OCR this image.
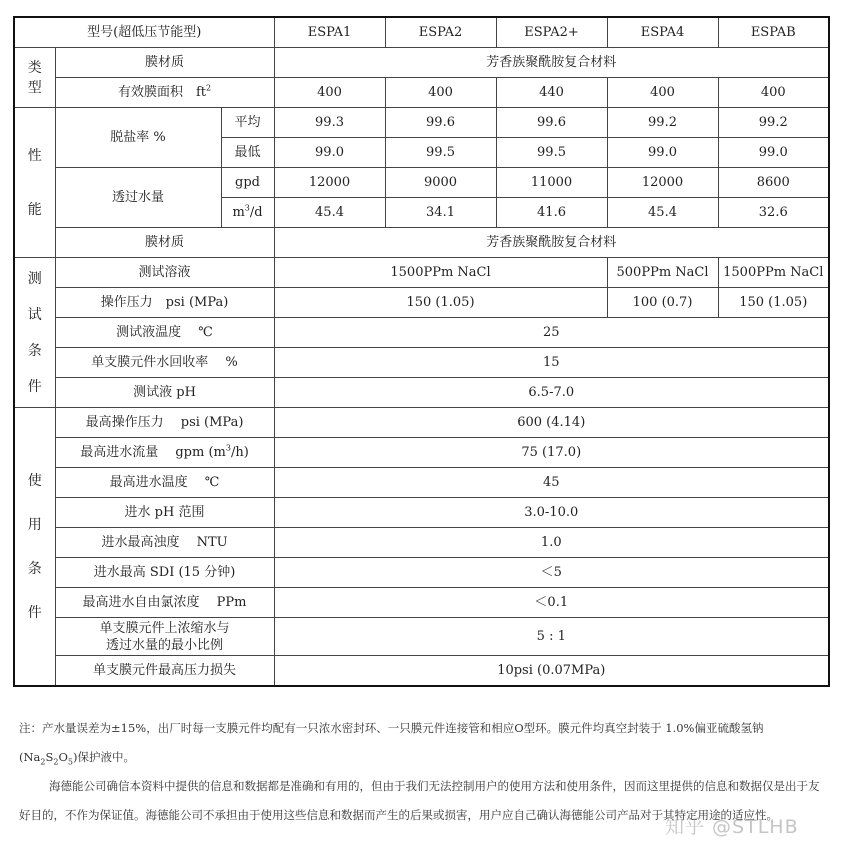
型号(超低压节能型)			ESPA1	ESPA2	ESPA2+	ESPA4	ESPAB

类
型	膜材质		芳香族聚酰胺复合材料				
	有效膜面积　$ft^2$		400	400	440	400	400

性
能	脱盐率 %	平均	99.3	99.6	99.6	99.2	99.2
		最低	99.0	99.5	99.5	99.0	99.0
	透过水量	gpd	12000	9000	11000	12000	8600
		$m^3/d$	45.4	34.1	41.6	45.4	32.6
	膜材质		芳香族聚酰胺复合材料				

测
试
条
件	测试溶液		1500PPm NaCl			500PPm NaCl	1500PPm NaCl
	操作压力　psi (MPa)		150 (1.05)			100 (0.7)	150 (1.05)
	测试液温度　 ℃		25				
	单支膜元件水回收率　 %		15				
	测试液 pH		6.5-7.0				

使
用
条
件	最高操作压力　 psi (MPa)		600 (4.14)				
	最高进水流量　 gpm $(m^3/h)$		75 (17.0)				
	最高进水温度　 ℃		45				
	进水 pH 范围		3.0-10.0				
	进水最高浊度　 NTU		1.0				
	进水最高 SDI (15 分钟)		＜5				
	最高进水自由氯浓度　 PPm		＜0.1				

	单支膜元件上浓缩水与
透过水量的最小比例		5 : 1				
	单支膜元件最高压力损失		10psi (0.07MPa)				

注：产水量误差为±15%，出厂时每一支膜元件均配有一只浓水密封环、一只膜元件连接管和相应O型环。膜元件均真空封装于 1.0%偏亚硫酸氢钠
$(Na_2S_2O_5)$保护液中。

海德能公司确信本资料中提供的信息和数据都是准确和有用的，但由于我们无法控制用户的使用方法和使用条件，因而这里提供的信息和数据仅是出于友好目的，不作为保证值。海德能公司不承担由于使用这些信息和数据而产生的后果或损害，用户应自己确认海德能公司产品对于其特定用途的适应性。

知乎 @STLHB
